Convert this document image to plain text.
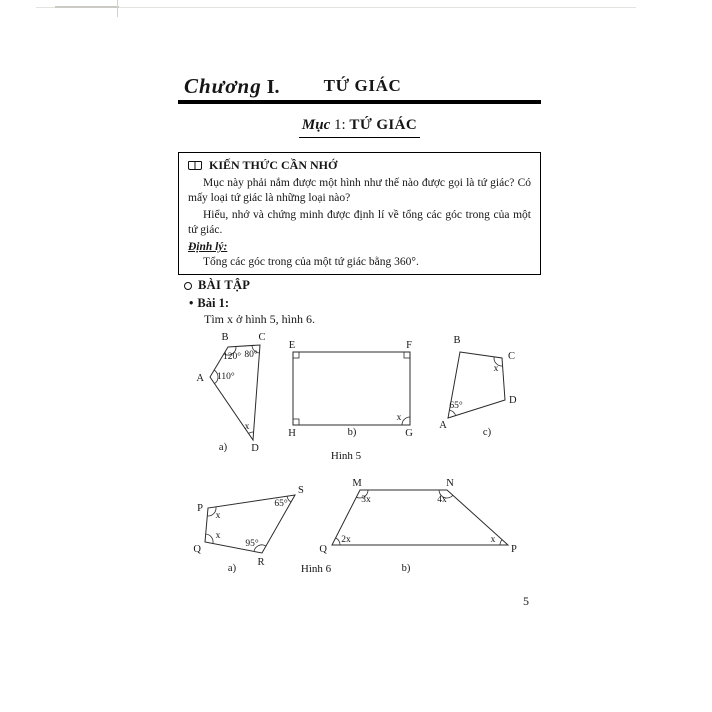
Chương I.	TỨ GIÁC
Mục 1: TỨ GIÁC
KIẾN THỨC CẦN NHỚ
Mục này phải nắm được một hình như thế nào được gọi là tứ giác? Có mấy loại tứ giác là những loại nào?
Hiểu, nhớ và chứng minh được định lí về tổng các góc trong của một tứ giác.
Định lý:
Tổng các góc trong của một tứ giác bằng 360°.
BÀI TẬP
• Bài 1:
Tìm x ở hình 5, hình 6.
A
B	C
D
110°
120° 80°
x
a)
E	F
H	G
x
b)
B
C
D
A
65°
x
c)
Hình 5
P
Q
R
S
x
x
95°
65°
a)
M	N
Q	P
3x	4x
2x	x
b)
Hình 6
5
